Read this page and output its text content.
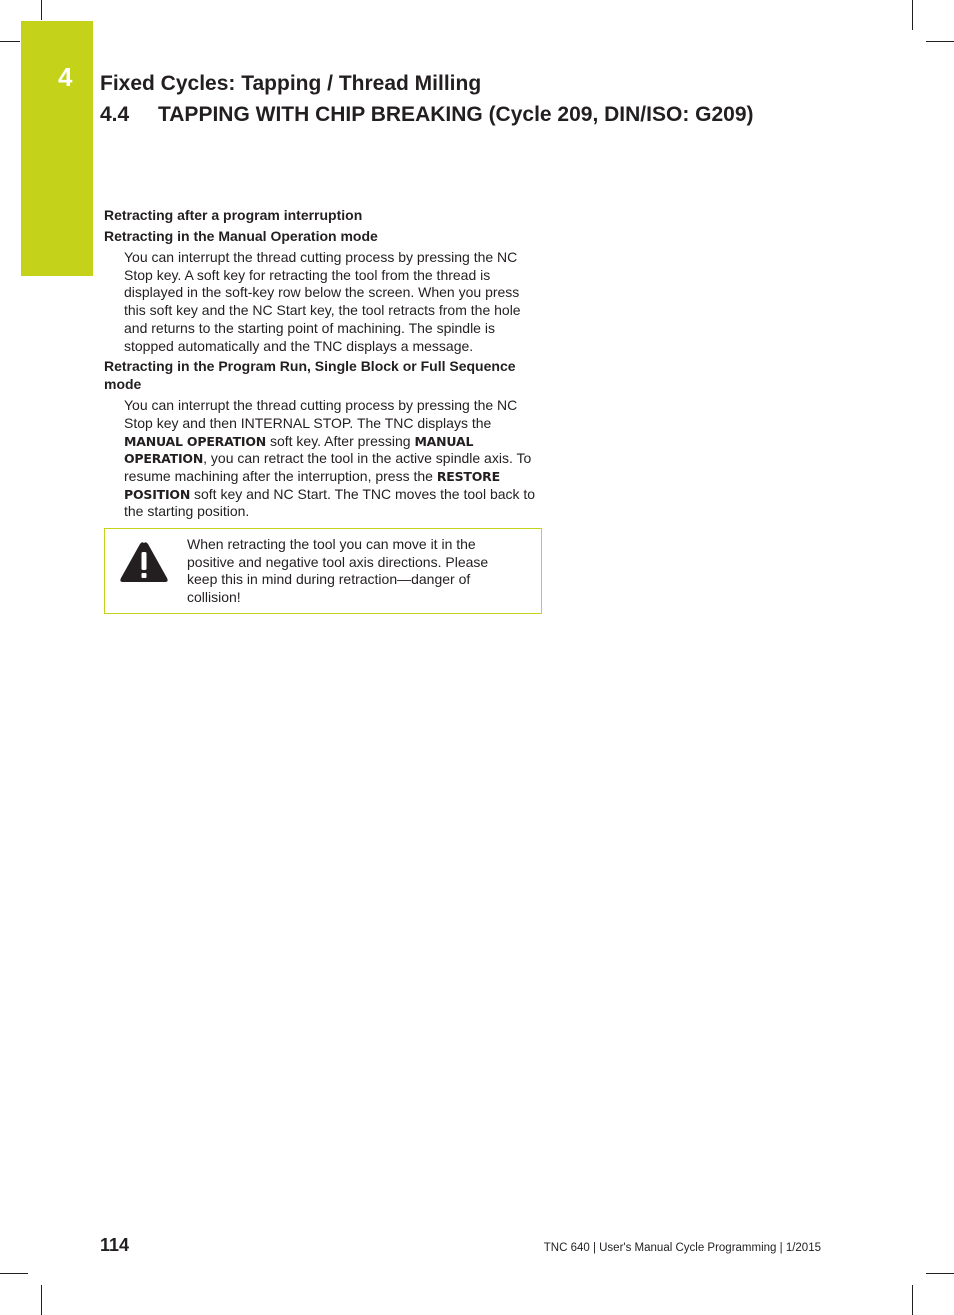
4 Fixed Cycles: Tapping / Thread Milling
4.4 TAPPING WITH CHIP BREAKING (Cycle 209, DIN/ISO: G209)

Retracting after a program interruption

Retracting in the Manual Operation mode

You can interrupt the thread cutting process by pressing the NC Stop key. A soft key for retracting the tool from the thread is displayed in the soft-key row below the screen. When you press this soft key and the NC Start key, the tool retracts from the hole and returns to the starting point of machining. The spindle is stopped automatically and the TNC displays a message.

Retracting in the Program Run, Single Block or Full Sequence mode

You can interrupt the thread cutting process by pressing the NC Stop key and then INTERNAL STOP. The TNC displays the MANUAL OPERATION soft key. After pressing MANUAL OPERATION, you can retract the tool in the active spindle axis. To resume machining after the interruption, press the RESTORE POSITION soft key and NC Start. The TNC moves the tool back to the starting position.

When retracting the tool you can move it in the positive and negative tool axis directions. Please keep this in mind during retraction—danger of collision!
114	TNC 640 | User's Manual Cycle Programming | 1/2015
